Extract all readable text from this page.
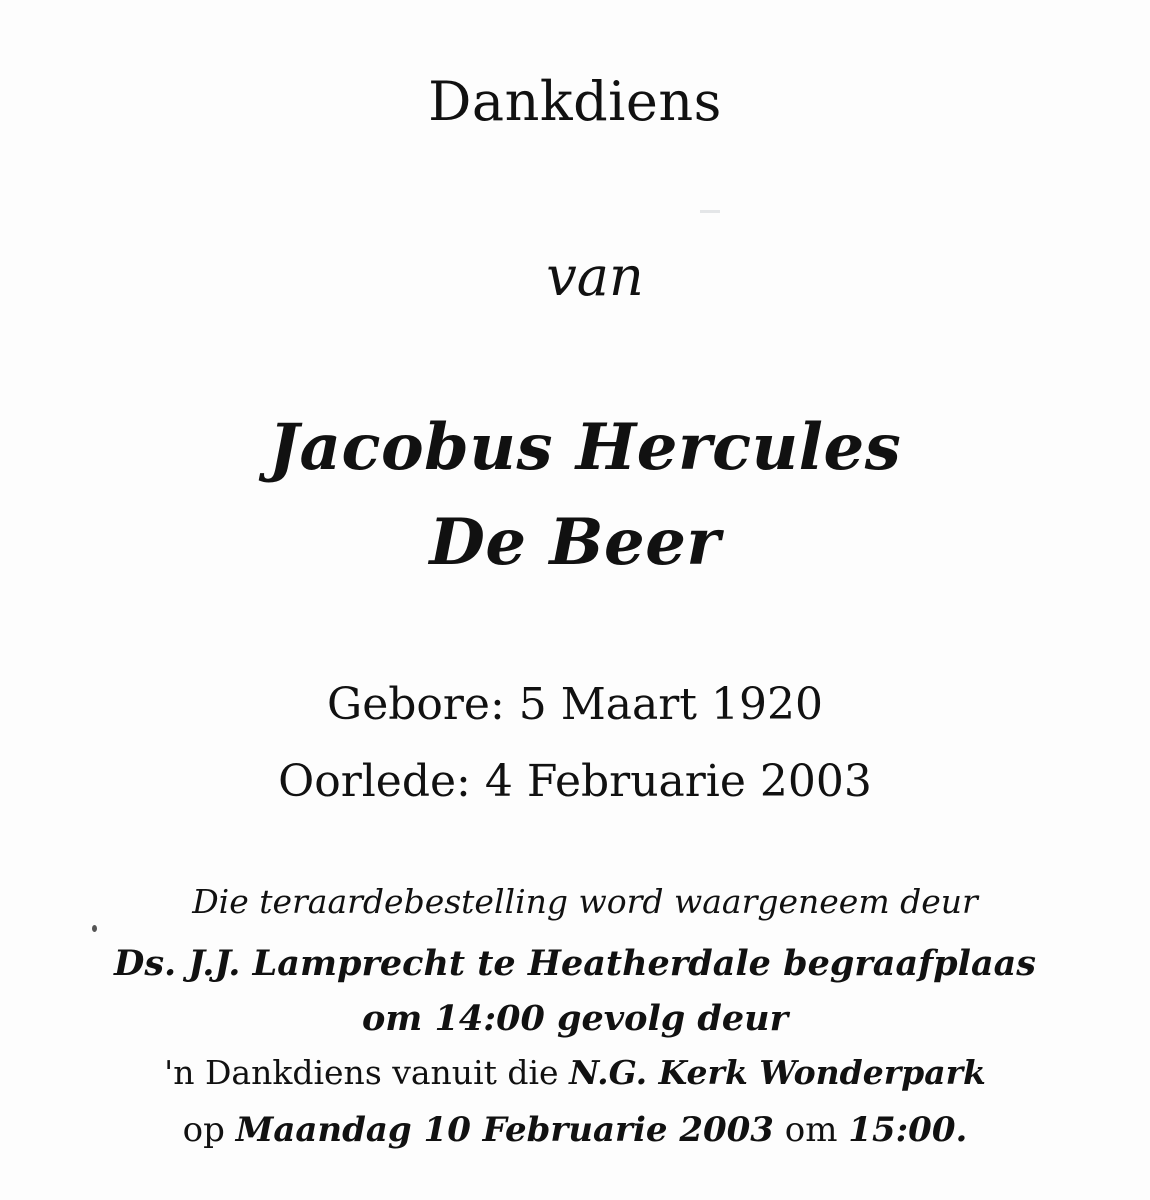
Dankdiens
van
Jacobus Hercules
De Beer
Gebore: 5 Maart 1920
Oorlede: 4 Februarie 2003
Die teraardebestelling word waargeneem deur
Ds. J.J. Lamprecht te Heatherdale begraafplaas
om 14:00 gevolg deur
'n Dankdiens vanuit die N.G. Kerk Wonderpark
op Maandag 10 Februarie 2003 om 15:00.
